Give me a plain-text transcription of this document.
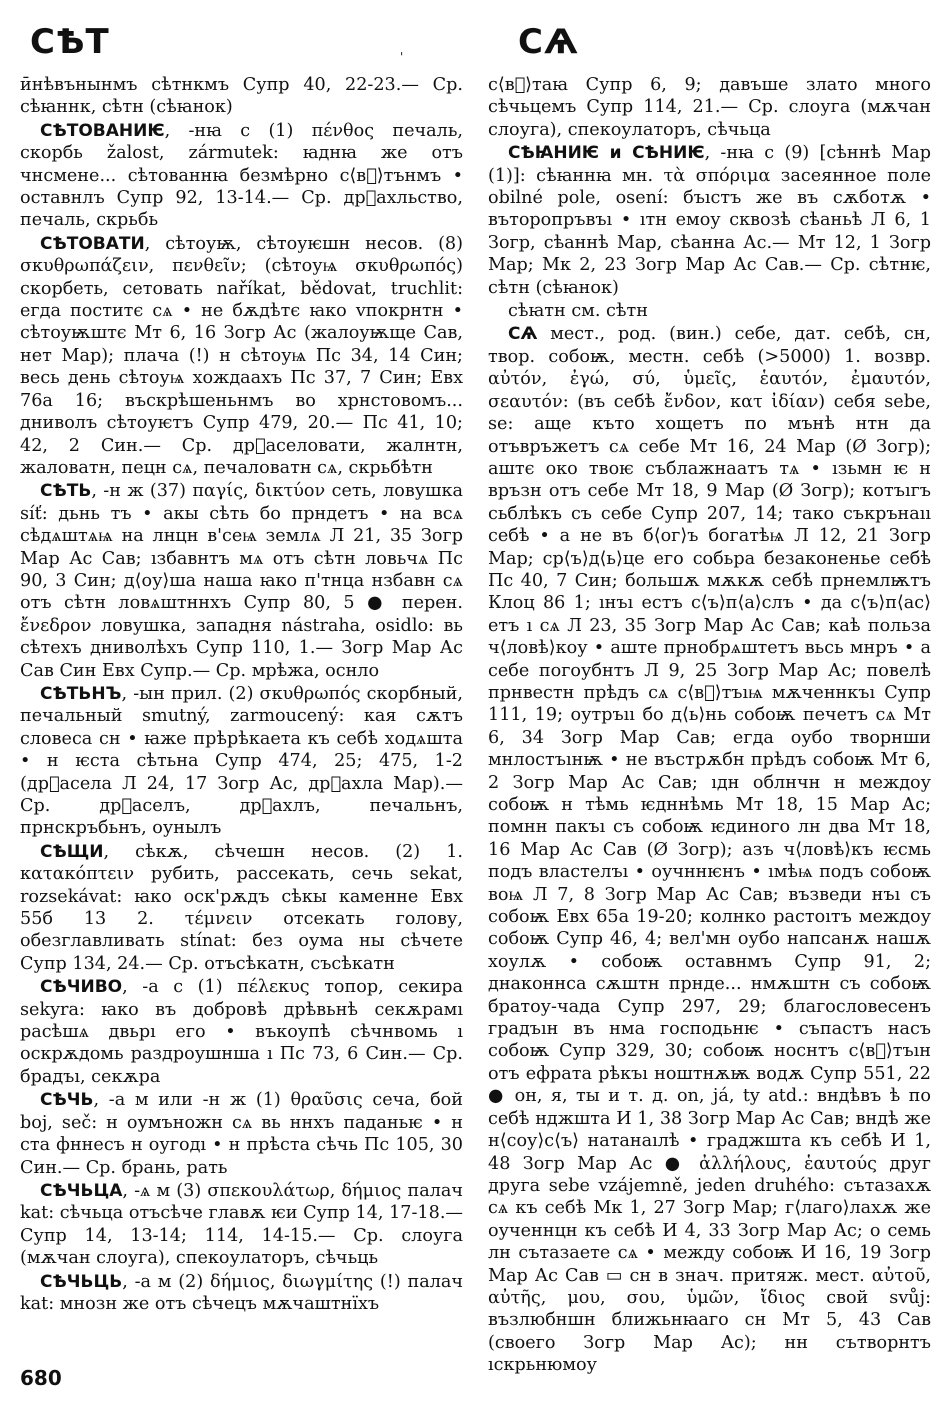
СѢТ	'	СѦ

ӣнѣвънынмъ сѣтнкмъ Супр 40, 22-23.— Ср. сѣꙗннк, сѣтн (сѣꙗнок)

СѢТОВАНИѤ, -нꙗ с (1) πένθος печаль, скорбь žalost, zármutek: ꙗднꙗ же отъ чнсмене... сѣтованнꙗ безмѣрно с⟨вⷧ⟩тънмъ • оставнлъ Супр 92, 13-14.— Ср. дрⷢахльство, печаль, скрьбь

СѢТОВАТИ, сѣтоуѭ, сѣтоуѥшн несов. (8) σκυθρωπάζειν, πενθεῖν; (сѣтоуѩ σκυθρωπός) скорбеть, сетовать naříkat, bědovat, truchlit: егда поститє сѧ • не бѫдѣтє ꙗко vпокрнтн • сѣтоуѭштє Мт 6, 16 Зогр Ас (жалоуѭще Сав, нет Мар); плача (!) н сѣтоуѩ Пс 34, 14 Син; весь день сѣтоуѩ хождаахъ Пс 37, 7 Син; Евх 76а 16; въскрѣшеньнмъ во хрнстовомъ... дниволъ сѣтоуѥтъ Супр 479, 20.— Пс 41, 10; 42, 2 Син.— Ср. дрⷢаселовати, жалнтн, жаловатн, пецн сѧ, печаловатн сѧ, скрьбѣтн

СѢТЬ, -н ж (37) παγίς, δικτύον сеть, ловушка síť: дьнь тъ • акы сѣть бо прндетъ • на всѧ сѣдѧштѧѩ на лнцн в'сеѩ землѧ Л 21, 35 Зогр Мар Ас Сав; ıзбавнтъ мѧ отъ сѣтн ловьчѧ Пс 90, 3 Син; д⟨оу⟩ша наша ꙗко п'тнца нзбавн сѧ отъ сѣтн ловѧштннхъ Супр 80, 5 ● перен. ἔνεδρον ловушка, западня nástraha, osidlo: вь сѣтехъ дниволѣхъ Супр 110, 1.— Зогр Мар Ас Сав Син Евх Супр.— Ср. мрѣжа, оснло

СѢТЬНЪ, -ын прил. (2) σκυθρωπός скорбный, печальный smutný, zarmoucený: кая сѫтъ словеса сн • ꙗже прѣрѣкаета къ себѣ ходѧшта • н ѥста сѣтьна Супр 474, 25; 475, 1-2 (дрⷢасела Л 24, 17 Зогр Ас, дрⷢахла Мар).— Ср. дрⷢаселъ, дрⷢахлъ, печальнъ, прнскръбьнъ, оунылъ

СѢЩИ, сѣкѫ, сѣчешн несов. (2) 1. κατακόπτειν рубить, рассекать, сечь sekat, rozsekávat: ꙗко оск'рѫдъ сѣкы каменне Евх 55б 13 2. τέμνειν отсекать голову, обезглавливать stínat: без оума ны сѣчете Супр 134, 24.— Ср. отъсѣкатн, съсѣкатн

СѢЧИВО, -а с (1) πέλεκυς топор, секира sekyra: ꙗко въ добровѣ дрѣвьнѣ секѫрамı расѣшѧ двьрı его • въкоупѣ сѣчнвомь ı оскрѫдомь раздроушнша ı Пс 73, 6 Син.— Ср. брадъı, секѫра

СѢЧЬ, -а м или -н ж (1) θραῦσις сеча, бой boj, seč: н оумъножн сѧ вь ннхъ паданьѥ • н ста фннесъ н оугодı • н прѣста сѣчь Пс 105, 30 Син.— Ср. брань, рать

СѢЧЬЦА, -ѧ м (3) σπεκουλάτωρ, δήμιος палач kat: сѣчьца отъсѣче главѫ ѥи Супр 14, 17-18.— Супр 14, 13-14; 114, 14-15.— Ср. слоуга (мѫчан слоуга), спекоулаторъ, сѣчьць

СѢЧЬЦЬ, -а м (2) δήμιος, διωγμίτης (!) палач kat: мнозн же отъ сѣчецъ мѫчаштнїхъ

с⟨вⷧ⟩таꙗ Супр 6, 9; давъше злато много сѣчьцемъ Супр 114, 21.— Ср. слоуга (мѫчан слоуга), спекоулаторъ, сѣчьца

СѢꙖНИѤ и СѢНИѤ, -нꙗ с (9) [сѣннѣ Мар (1)]: сѣꙗннꙗ мн. τὰ σπόριμα засеянное поле obilné pole, osení: бъıстъ же въ сѫботѫ • въторопръвъı • ıтн емоу сквозѣ сѣаньѣ Л 6, 1 Зогр, сѣаннѣ Мар, сѣанна Ас.— Мт 12, 1 Зогр Мар; Мк 2, 23 Зогр Мар Ас Сав.— Ср. сѣтнѥ, сѣтн (сѣꙗнок)

сѣꙗтн см. сѣтн

СѦ мест., род. (вин.) себе, дат. себѣ, сн, твор. собоѭ, местн. себѣ (>5000) 1. возвр. αὐτόν, ἐγώ, σύ, ὑμεῖς, ἑαυτόν, ἐμαυτόν, σεαυτόν: (въ себѣ ἔνδον, κατ ἰδίαν) себя sebe, se: аще къто хощетъ по мънѣ нтн да отъвръжетъ сѧ себе Мт 16, 24 Мар (Ø Зогр); аштє око твоѥ съблажнаатъ тѧ • ıзьмн ѥ н връзн отъ себе Мт 18, 9 Мар (Ø Зогр); котъıгъ сьблѣкъ съ себе Супр 207, 14; тако съкрънаıı себѣ • а не въ б⟨ог⟩ъ богатѣѩ Л 12, 21 Зогр Мар; ср⟨ъ⟩д⟨ь⟩це его собьра безаконенье себѣ Пс 40, 7 Син; большѫ мѫкѫ себѣ прнемлѭтъ Клоц 86 1; ıнъı естъ с⟨ъ⟩п⟨а⟩слъ • да с⟨ъ⟩п⟨ас⟩етъ ı сѧ Л 23, 35 Зогр Мар Ас Сав; каѣ польза ч⟨ловѣ⟩коу • аште прнобрѧштетъ вьсь мнръ • а себе погоубнтъ Л 9, 25 Зогр Мар Ас; повелѣ прнвестн прѣдъ сѧ с⟨вⷧ⟩тъıѩ мѫченнкъı Супр 111, 19; оутръıı бо д⟨ь⟩нь собоѭ печетъ сѧ Мт 6, 34 Зогр Мар Сав; егда оубо творнши мнлостъıнѭ • не въстрѫбн прѣдъ собоѭ Мт 6, 2 Зогр Мар Ас Сав; ıдн облнчн н междоу собоѭ н тѣмь ѥдннѣмь Мт 18, 15 Мар Ас; помнн пакъı съ собоѭ ѥдиного лн два Мт 18, 16 Мар Ас Сав (Ø Зогр); азъ ч⟨ловѣ⟩къ ѥсмь подъ властелъı • оучннѥнъ • ıмѣѩ подъ собоѭ воѩ Л 7, 8 Зогр Мар Ас Сав; възведи нъı съ собоѭ Евх 65а 19-20; колнко растоıтъ междоу собоѭ Супр 46, 4; вел'мн оубо напсанѫ нашѫ хоулѫ • собоѭ оставнмъ Супр 91, 2; днаконнса сѫштн прнде... нмѫштн съ собоѭ братоу-чада Супр 297, 29; благословесенъ градъıн въ нма господьнѥ • съпастъ насъ собоѭ Супр 329, 30; собоѭ носнтъ с⟨вⷧ⟩тъıн отъ ефрата рѣкъı ноштнѫѭ водѫ Супр 551, 22 ● он, я, ты и т. д. on, já, ty atd.: вндѣвъ ѣ по себѣ нджшта И 1, 38 Зогр Мар Ас Сав; вндѣ же н⟨соу⟩с⟨ъ⟩ натанаıлѣ • граджшта къ себѣ И 1, 48 Зогр Мар Ас ● ἀλλήλους, ἑαυτούς друг друга sebe vzájemně, jeden druhého: сътазахѫ сѧ къ себѣ Мк 1, 27 Зогр Мар; г⟨лаго⟩лахѫ же оученнцн къ себѣ И 4, 33 Зогр Мар Ас; о семь лн сътазаете сѧ • между собоѭ И 16, 19 Зогр Мар Ас Сав ▭ сн в знач. притяж. мест. αὐτοῦ, αὐτῆς, μου, σου, ὑμῶν, ἴδιος свой svůj: възлюбншн ближьнꙗаго сн Мт 5, 43 Сав (своего Зогр Мар Ас); нн сътворнтъ ıскрьнюмоу

680
